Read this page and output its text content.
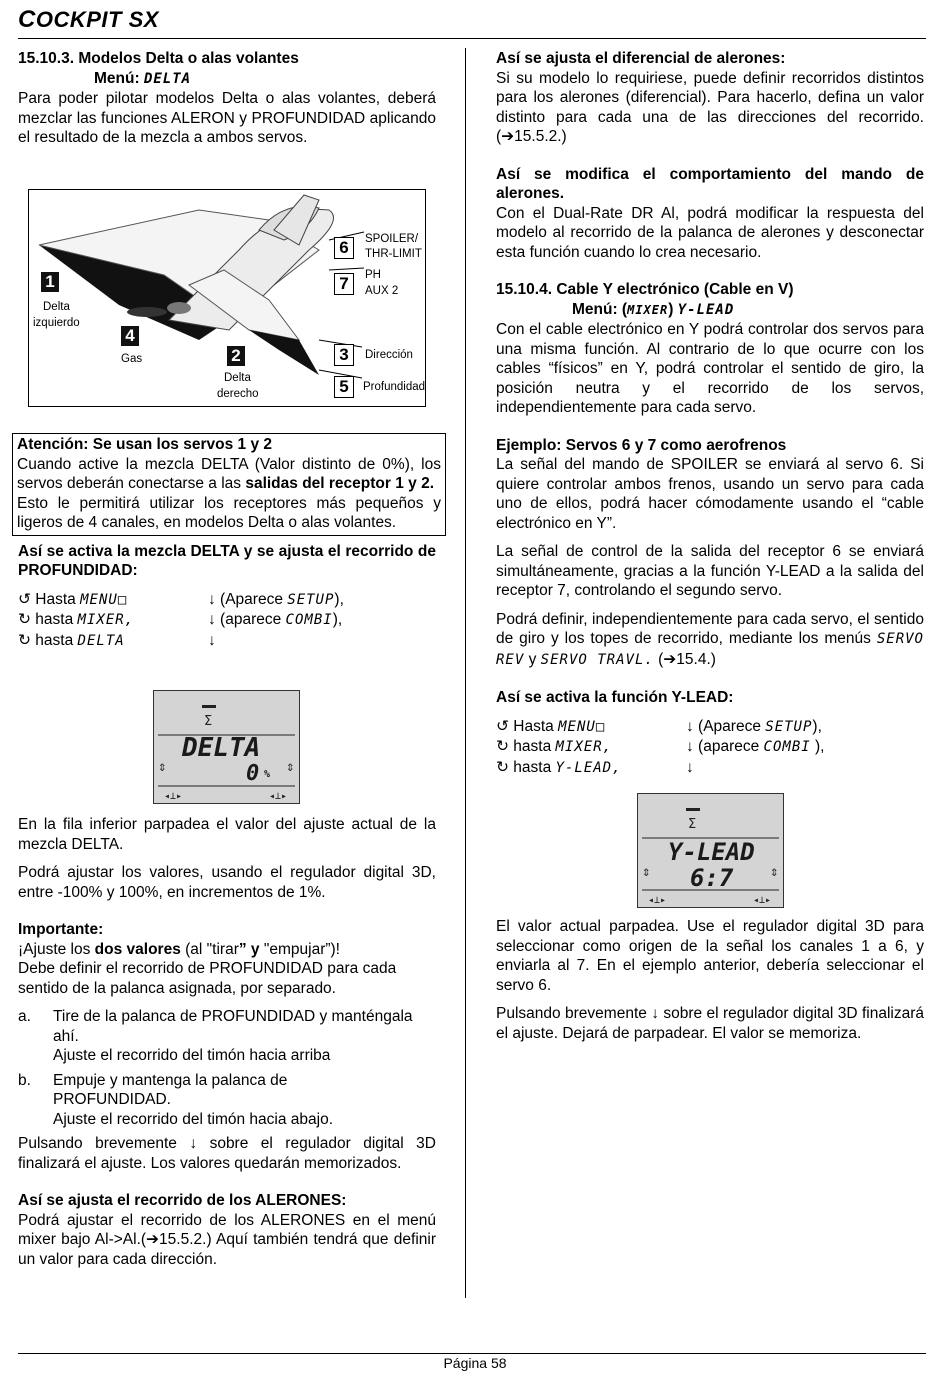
COCKPIT SX

15.10.3. Modelos Delta o alas volantes

Menú: DELTA

Para poder pilotar modelos Delta o alas volantes, deberá mezclar las funciones ALERON y PROFUNDIDAD aplicando el resultado de la mezcla a ambos servos.

1
Delta
izquierdo
4
Gas	2
Delta
derecho
6	SPOILER/
THR-LIMIT
7	PH
AUX 2
3	Dirección
5	Profundidad

Atención: Se usan los servos 1 y 2

Cuando active la mezcla DELTA (Valor distinto de 0%), los servos deberán conectarse a las salidas del receptor 1 y 2.

Esto le permitirá utilizar los receptores más pequeños y ligeros de 4 canales, en modelos Delta o alas volantes.

Así se activa la mezcla DELTA y se ajusta el recorrido de PROFUNDIDAD:

↺ Hasta MENU□	↓ (Aparece SETUP),
↻ hasta MIXER,	↓ (aparece COMBI),
↻ hasta DELTA	↓
Σ
⇕	⇕
◂⊥▸	◂⊥▸
DELTA
0 %

En la fila inferior parpadea el valor del ajuste actual de la mezcla DELTA.

Podrá ajustar los valores, usando el regulador digital 3D, entre -100% y 100%, en incrementos de 1%.

Importante:

¡Ajuste los dos valores (al "tirar” y "empujar”)!

Debe definir el recorrido de PROFUNDIDAD para cada sentido de la palanca asignada, por separado.

a.	Tire de la palanca de PROFUNDIDAD y manténgala ahí.

Ajuste el recorrido del timón hacia arriba

b.	Empuje y mantenga la palanca de PROFUNDIDAD.

Ajuste el recorrido del timón hacia abajo.

Pulsando brevemente ↓ sobre el regulador digital 3D finalizará el ajuste. Los valores quedarán memorizados.

Así se ajusta el recorrido de los ALERONES:

Podrá ajustar el recorrido de los ALERONES en el menú mixer bajo Al->Al.(➔15.5.2.) Aquí también tendrá que definir un valor para cada dirección.

Así se ajusta el diferencial de alerones:

Si su modelo lo requiriese, puede definir recorridos distintos para los alerones (diferencial). Para hacerlo, defina un valor distinto para cada una de las direcciones del recorrido. (➔15.5.2.)

Así se modifica el comportamiento del mando de alerones.

Con el Dual-Rate DR Al, podrá modificar la respuesta del modelo al recorrido de la palanca de alerones y desconectar esta función cuando lo crea necesario.

15.10.4. Cable Y electrónico (Cable en V)

Menú: (MIXER) Y-LEAD

Con el cable electrónico en Y podrá controlar dos servos para una misma función. Al contrario de lo que ocurre con los cables “físicos” en Y, podrá controlar el sentido de giro, la posición neutra y el recorrido de los servos, independientemente para cada servo.

Ejemplo: Servos 6 y 7 como aerofrenos

La señal del mando de SPOILER se enviará al servo 6. Si quiere controlar ambos frenos, usando un servo para cada uno de ellos, podrá hacer cómodamente usando el “cable electrónico en Y”.

La señal de control de la salida del receptor 6 se enviará simultáneamente, gracias a la función Y-LEAD a la salida del receptor 7, controlando el segundo servo.

Podrá definir, independientemente para cada servo, el sentido de giro y los topes de recorrido, mediante los menús SERVO REV y SERVO TRAVL. (➔15.4.)

Así se activa la función Y-LEAD:

↺ Hasta MENU□	↓ (Aparece SETUP),
↻ hasta MIXER,	↓ (aparece COMBI ),
↻ hasta Y-LEAD,	↓
Σ
⇕	⇕
◂⊥▸	◂⊥▸
Y-LEAD
6:7

El valor actual parpadea. Use el regulador digital 3D para seleccionar como origen de la señal los canales 1 a 6, y enviarla al 7. En el ejemplo anterior, debería seleccionar el servo 6.

Pulsando brevemente ↓ sobre el regulador digital 3D finalizará el ajuste. Dejará de parpadear. El valor se memoriza.

Página 58
